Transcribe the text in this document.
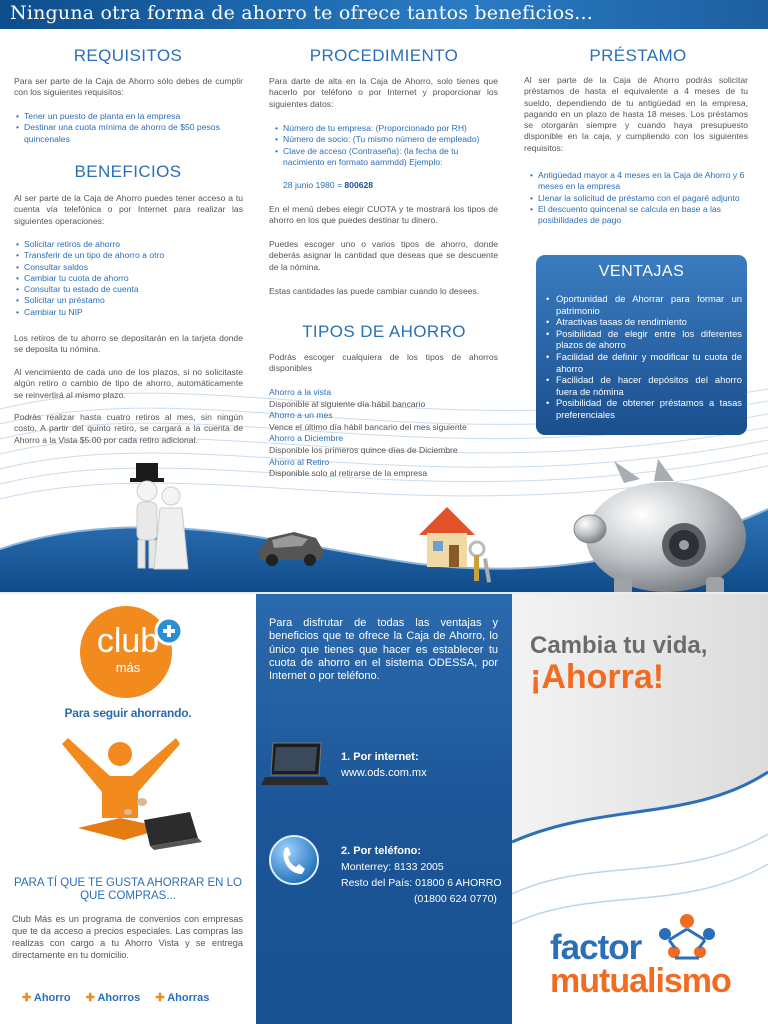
Ninguna otra forma de ahorro te ofrece tantos beneficios...
REQUISITOS
Para ser parte de la Caja de Ahorro sólo debes de cumplir con los siguientes requisitos:
• Tener un puesto de planta en la empresa
• Destinar una cuota mínima de ahorro de $50 pesos quincenales
BENEFICIOS
Al ser parte de la Caja de Ahorro puedes tener acceso a tu cuenta vía telefónica o por Internet para realizar las siguientes operaciones:
• Solicitar retiros de ahorro
• Transferir de un tipo de ahorro a otro
• Consultar saldos
• Cambiar tu cuota de ahorro
• Consultar tu estado de cuenta
• Solicitar un préstamo
• Cambiar tu NIP
Los retiros de tu ahorro se depositarán en la tarjeta donde se deposita tu nómina.
Al vencimiento de cada uno de los plazos, si no solicitaste algún retiro o cambio de tipo de ahorro, automáticamente se reinvertirá al mismo plazo.
Podrás realizar hasta cuatro retiros al mes, sin ningún costo. A partir del quinto retiro, se cargará a la cuenta de Ahorro a la Vista $5.00 por cada retiro adicional.
PROCEDIMIENTO
Para darte de alta en la Caja de Ahorro, solo tienes que hacerlo por teléfono o por Internet y proporcionar los siguientes datos:
• Número de tu empresa: (Proporcionado por RH)
• Número de socio: (Tu mismo número de empleado)
• Clave de acceso (Contraseña): (la fecha de tu nacimiento en formato aammdd) Ejemplo:
28 junio 1980 = 800628
En el menú debes elegir CUOTA y te mostrará los tipos de ahorro en los que puedes destinar tu dinero.
Puedes escoger uno o varios tipos de ahorro, donde deberás asignar la cantidad que deseas que se descuente de la nómina.
Estas cantidades las puede cambiar cuando lo desees.
TIPOS DE AHORRO
Podrás escoger cualquiera de los tipos de ahorros disponibles
Ahorro a la vista
Disponible al siguiente día hábil bancario
Ahorro a un mes
Vence el último día hábil bancario del mes siguiente
Ahorro a Diciembre
Disponible los primeros quince días de Diciembre
Ahorro al Retiro
Disponible solo al retirarse de la empresa
PRÉSTAMO
Al ser parte de la Caja de Ahorro podrás solicitar préstamos de hasta el equivalente a 4 meses de tu sueldo, dependiendo de tu antigüedad en la empresa, pagando en un plazo de hasta 18 meses. Los préstamos se otorgarán siempre y cuando haya presupuesto disponible en la caja, y cumpliendo con los siguientes requisitos:
• Antigüedad mayor a 4 meses en la Caja de Ahorro y 6 meses en la empresa
• Llenar la solicitud de préstamo con el pagaré adjunto
• El descuento quincenal se calcula en base a las posibilidades de pago
VENTAJAS
• Oportunidad de Ahorrar para formar un patrimonio
• Atractivas tasas de rendimiento
• Posibilidad de elegir entre los diferentes plazos de ahorro
• Facilidad de definir y modificar tu cuota de ahorro
• Facilidad de hacer depósitos del ahorro fuera de nómina
• Posibilidad de obtener préstamos a tasas preferenciales
club
más
Para seguir ahorrando.
PARA TÍ QUE TE GUSTA AHORRAR EN LO QUE COMPRAS...
Club Más es un programa de convenios con empresas que te da acceso a precios especiales. Las compras las realizas con cargo a tu Ahorro Vista y se entrega directamente en tu domicilio.
✚ Ahorro ✚ Ahorros ✚ Ahorras
Para disfrutar de todas las ventajas y beneficios que te ofrece la Caja de Ahorro, lo único que tienes que hacer es establecer tu cuota de ahorro en el sistema ODESSA, por Internet o por teléfono.
1. Por internet:
www.ods.com.mx
2. Por teléfono:
Monterrey: 8133 2005
Resto del País: 01800 6 AHORRO
(01800 624 0770)
Cambia tu vida,
¡Ahorra!
factor
mutualismo
